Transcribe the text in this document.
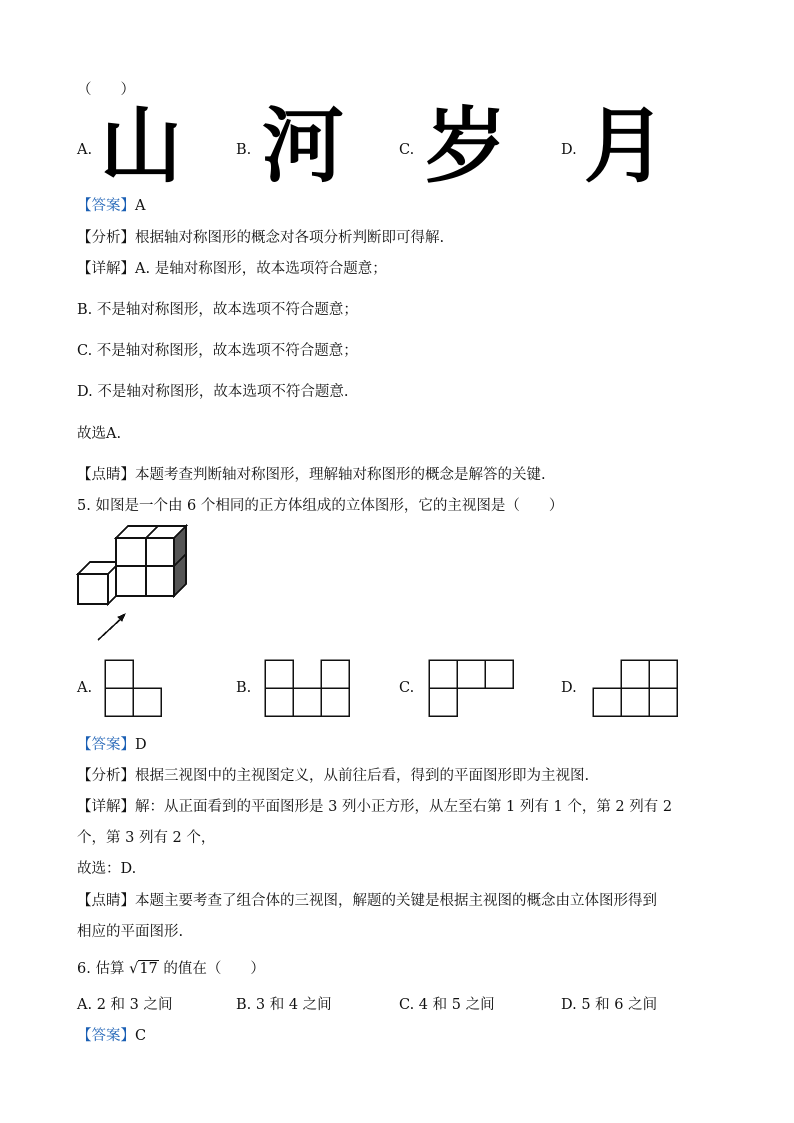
（　　）
A. 山	B. 河	C. 岁	D. 月
【答案】A
【分析】根据轴对称图形的概念对各项分析判断即可得解.
【详解】A. 是轴对称图形，故本选项符合题意；
B. 不是轴对称图形，故本选项不符合题意；
C. 不是轴对称图形，故本选项不符合题意；
D. 不是轴对称图形，故本选项不符合题意.
故选A.
【点睛】本题考查判断轴对称图形，理解轴对称图形的概念是解答的关键.
5. 如图是一个由 6 个相同的正方体组成的立体图形，它的主视图是（　　）
A.	B.	C.	D.
【答案】D
【分析】根据三视图中的主视图定义，从前往后看，得到的平面图形即为主视图.
【详解】解：从正面看到的平面图形是 3 列小正方形，从左至右第 1 列有 1 个，第 2 列有 2
个，第 3 列有 2 个，
故选：D.
【点睛】本题主要考查了组合体的三视图，解题的关键是根据主视图的概念由立体图形得到
相应的平面图形.
6. 估算 √17 的值在（　　）
A. 2 和 3 之间	B. 3 和 4 之间	C. 4 和 5 之间	D. 5 和 6 之间
【答案】C
